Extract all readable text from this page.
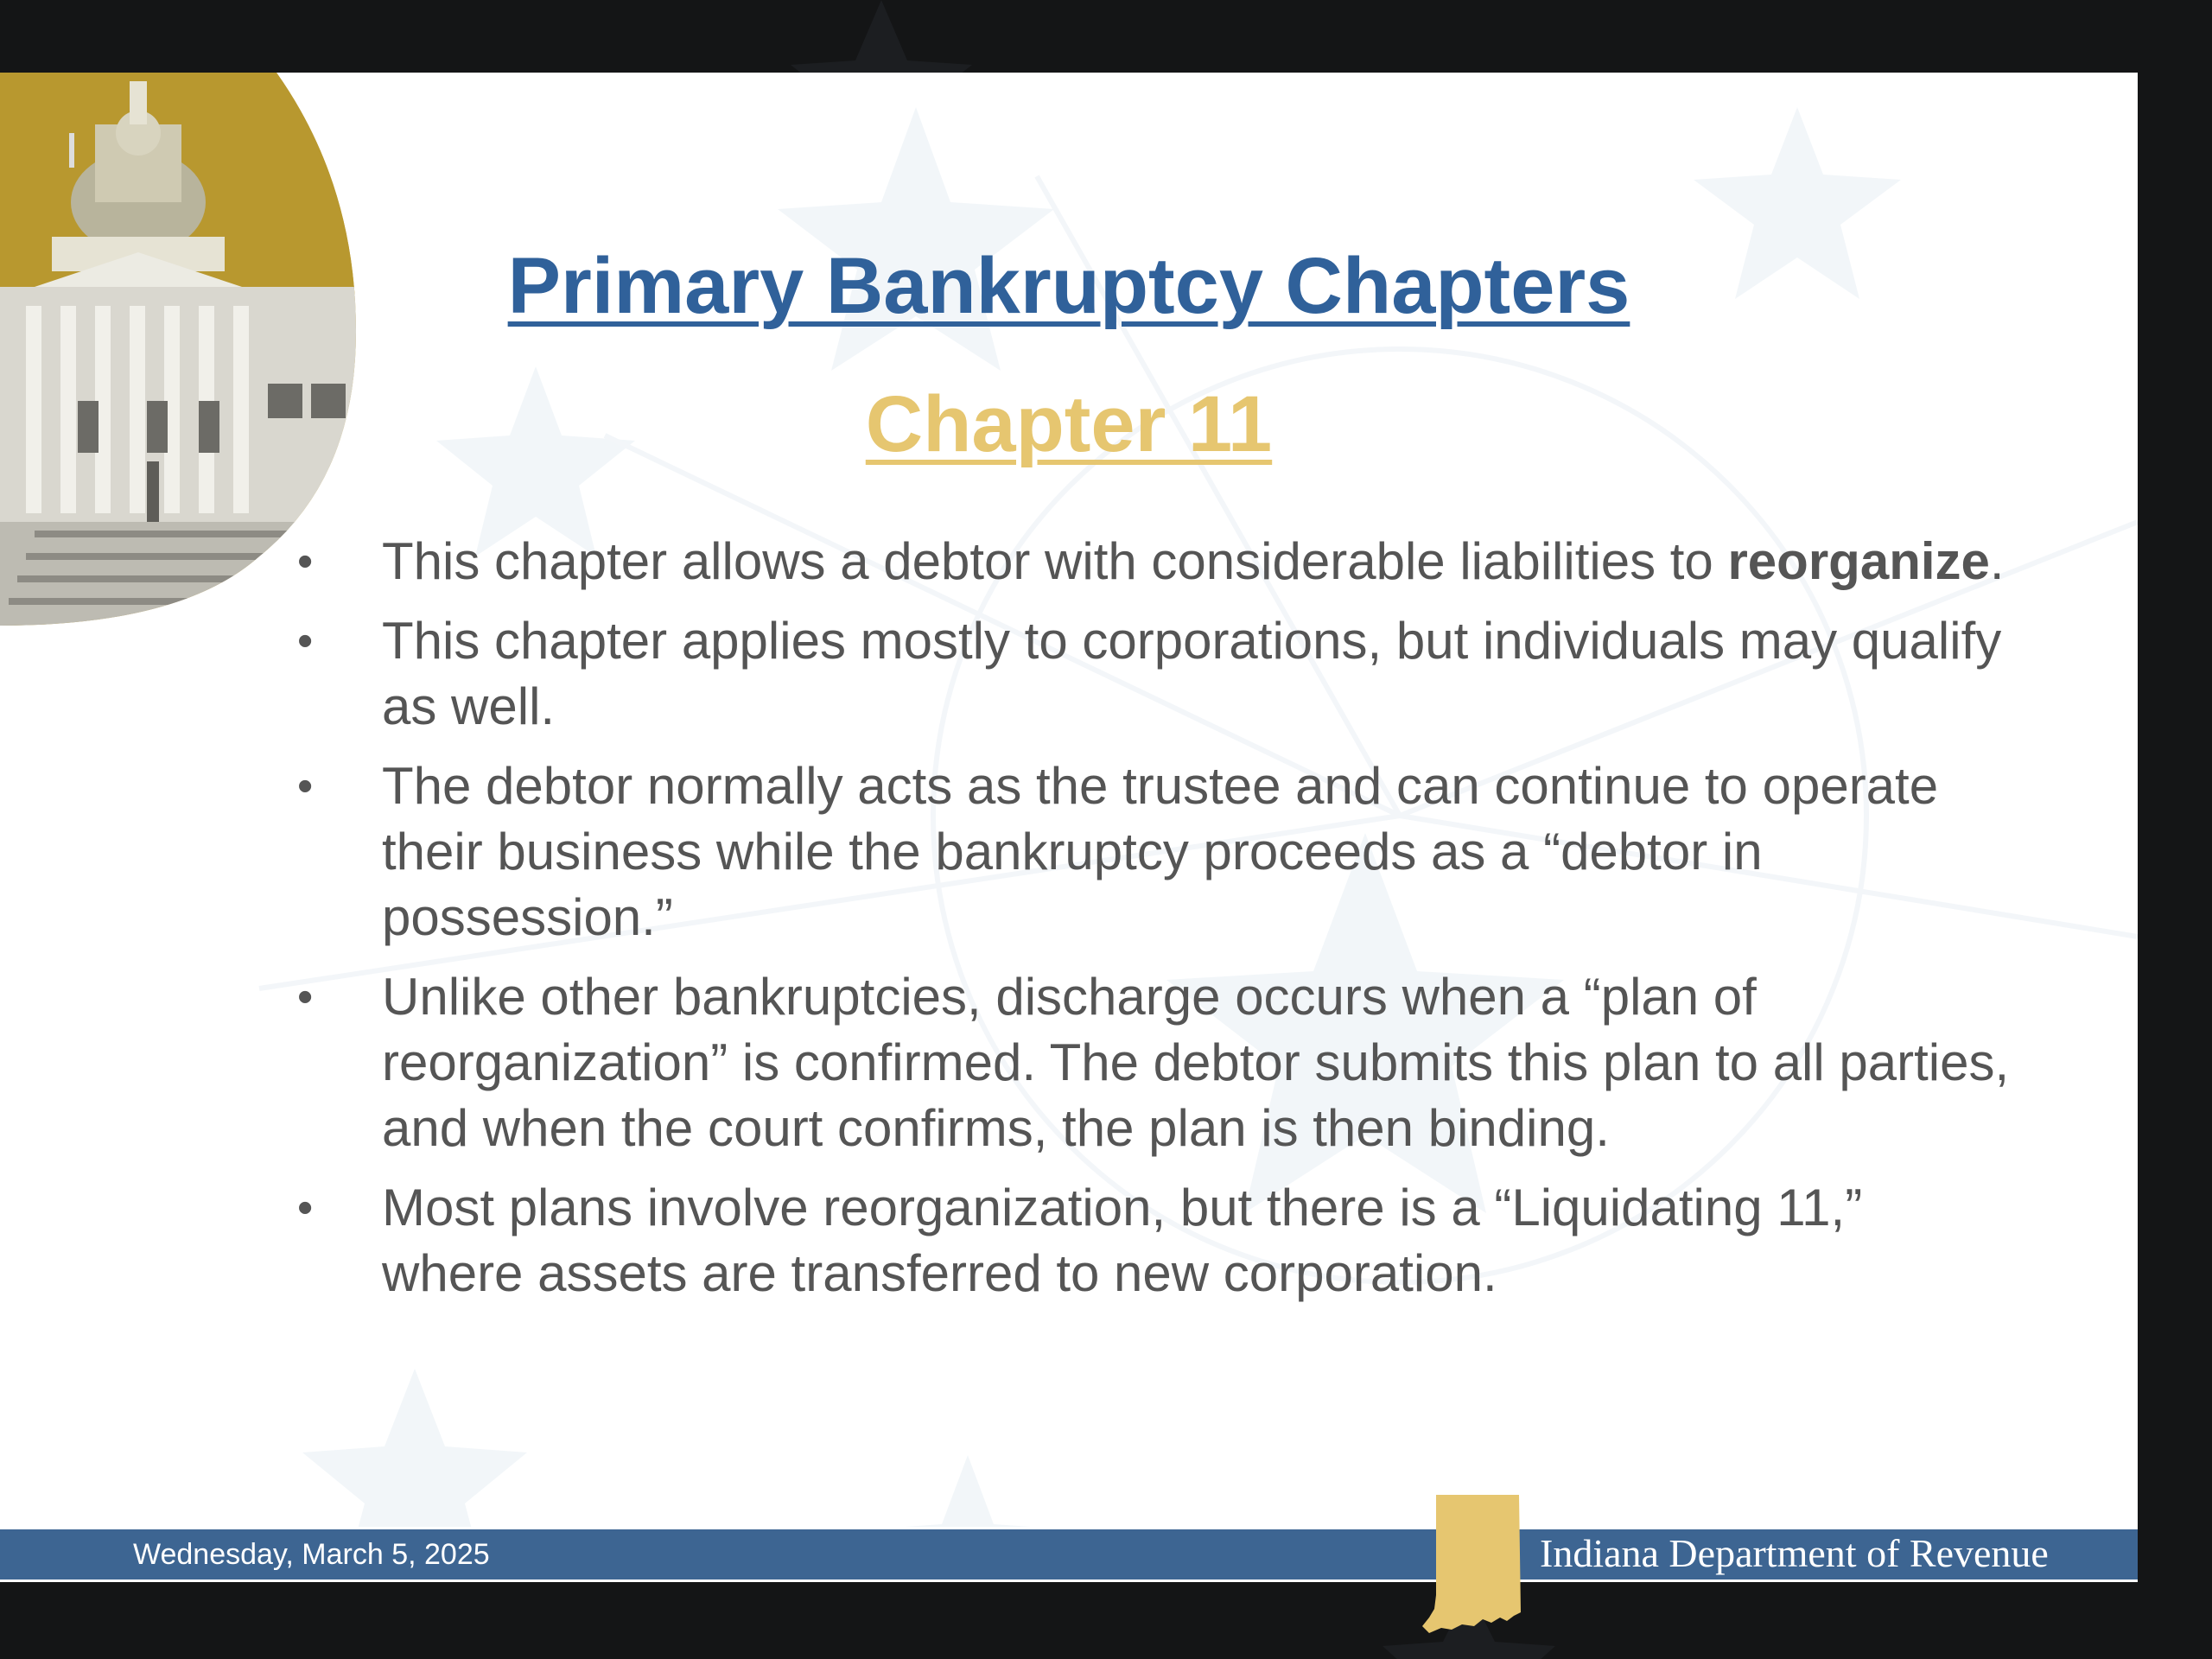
Primary Bankruptcy Chapters
Chapter 11
• This chapter allows a debtor with considerable liabilities to reorganize.
• This chapter applies mostly to corporations, but individuals may qualify as well.
• The debtor normally acts as the trustee and can continue to operate their business while the bankruptcy proceeds as a “debtor in possession.”
• Unlike other bankruptcies, discharge occurs when a “plan of reorganization” is confirmed. The debtor submits this plan to all parties, and when the court confirms, the plan is then binding.
• Most plans involve reorganization, but there is a “Liquidating 11,” where assets are transferred to new corporation.
Wednesday, March 5, 2025	Indiana Department of Revenue
